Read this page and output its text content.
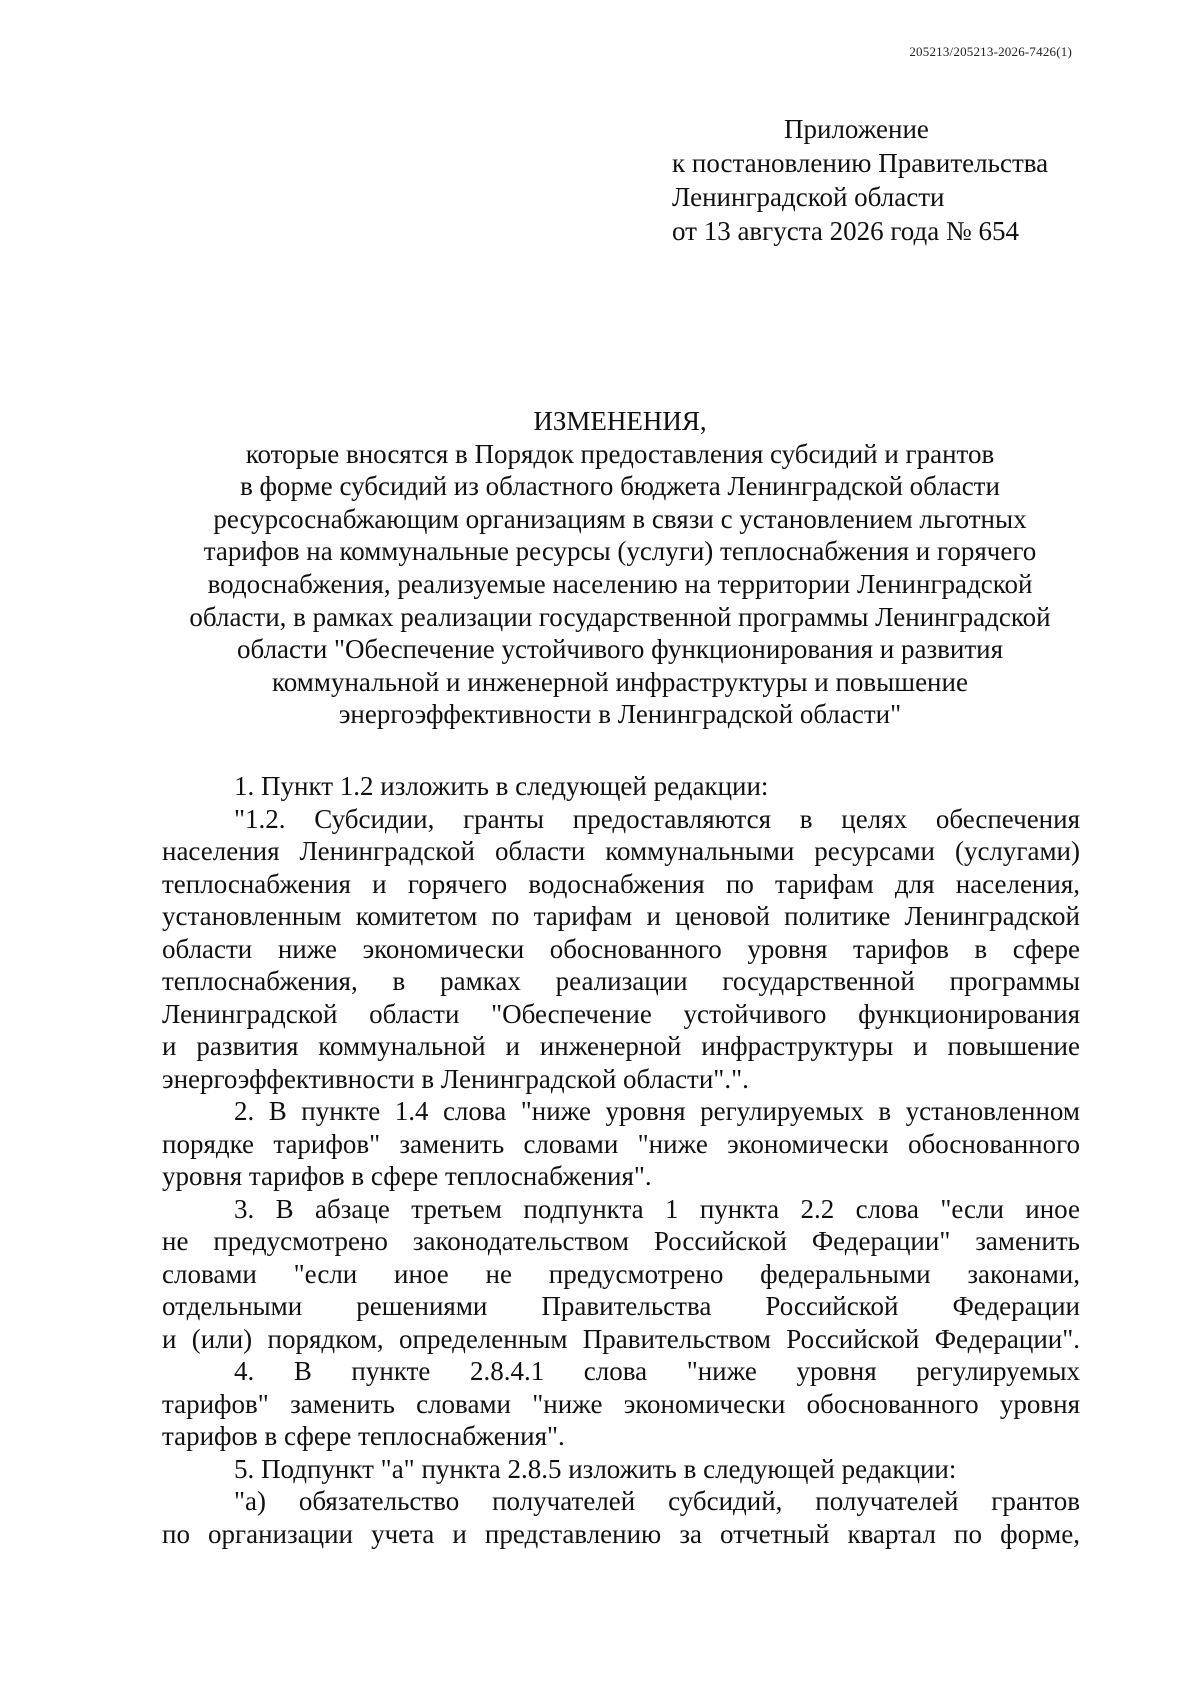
205213/205213-2026-7426(1)
Приложение
к постановлению Правительства
Ленинградской области
от 13 августа 2026 года № 654
ИЗМЕНЕНИЯ,
которые вносятся в Порядок предоставления субсидий и грантов
в форме субсидий из областного бюджета Ленинградской области
ресурсоснабжающим организациям в связи с установлением льготных
тарифов на коммунальные ресурсы (услуги) теплоснабжения и горячего
водоснабжения, реализуемые населению на территории Ленинградской
области, в рамках реализации государственной программы Ленинградской
области "Обеспечение устойчивого функционирования и развития
коммунальной и инженерной инфраструктуры и повышение
энергоэффективности в Ленинградской области"
1. Пункт 1.2 изложить в следующей редакции:
"1.2. Субсидии, гранты предоставляются в целях обеспечения
населения Ленинградской области коммунальными ресурсами (услугами)
теплоснабжения и горячего водоснабжения по тарифам для населения,
установленным комитетом по тарифам и ценовой политике Ленинградской
области ниже экономически обоснованного уровня тарифов в сфере
теплоснабжения, в рамках реализации государственной программы
Ленинградской области "Обеспечение устойчивого функционирования
и развития коммунальной и инженерной инфраструктуры и повышение
энергоэффективности в Ленинградской области".".
2. В пункте 1.4 слова "ниже уровня регулируемых в установленном
порядке тарифов" заменить словами "ниже экономически обоснованного
уровня тарифов в сфере теплоснабжения".
3. В абзаце третьем подпункта 1 пункта 2.2 слова "если иное
не предусмотрено законодательством Российской Федерации" заменить
словами "если иное не предусмотрено федеральными законами,
отдельными решениями Правительства Российской Федерации
и (или) порядком, определенным Правительством Российской Федерации".
4. В пункте 2.8.4.1 слова "ниже уровня регулируемых
тарифов" заменить словами "ниже экономически обоснованного уровня
тарифов в сфере теплоснабжения".
5. Подпункт "а" пункта 2.8.5 изложить в следующей редакции:
"а) обязательство получателей субсидий, получателей грантов
по организации учета и представлению за отчетный квартал по форме,
